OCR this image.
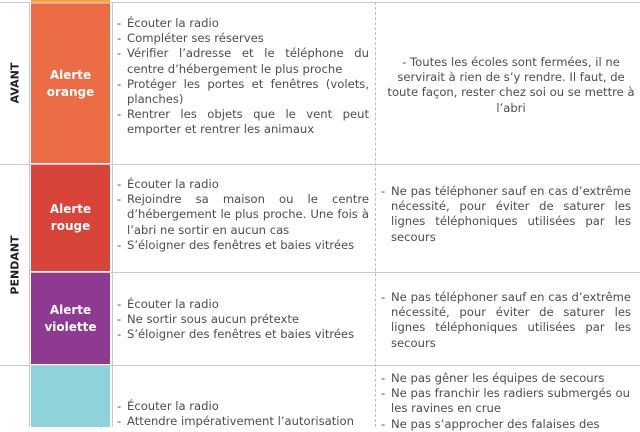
AVANT
PENDANT
Alerte
orange
- Écouter la radio
- Compléter ses réserves
- Vérifier l’adresse et le téléphone du centre d’hébergement le plus proche
- Protéger les portes et fenêtres (volets, planches)
- Rentrer les objets que le vent peut emporter et rentrer les animaux
- Toutes les écoles sont fermées, il ne servirait à rien de s’y rendre. Il faut, de toute façon, rester chez soi ou se mettre à l’abri
Alerte
rouge
- Écouter la radio
- Rejoindre sa maison ou le centre d’hébergement le plus proche. Une fois à l’abri ne sortir en aucun cas
- S’éloigner des fenêtres et baies vitrées
- Ne pas téléphoner sauf en cas d’extrême nécessité, pour éviter de saturer les lignes téléphoniques utilisées par les secours
Alerte
violette
- Écouter la radio
- Ne sortir sous aucun prétexte
- S’éloigner des fenêtres et baies vitrées
- Ne pas téléphoner sauf en cas d’extrême nécessité, pour éviter de saturer les lignes téléphoniques utilisées par les secours
- Écouter la radio
- Attendre impérativement l’autorisation
- Ne pas gêner les équipes de secours
- Ne pas franchir les radiers submergés ou les ravines en crue
- Ne pas s’approcher des falaises des
